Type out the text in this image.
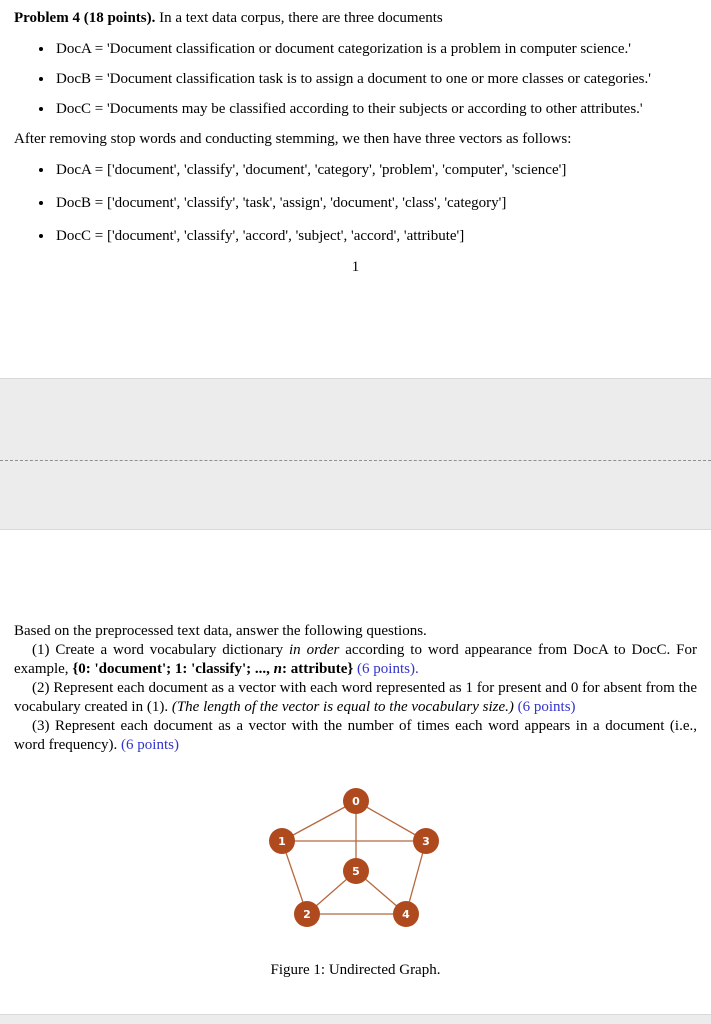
Problem 4 (18 points). In a text data corpus, there are three documents

• DocA = 'Document classification or document categorization is a problem in computer science.'
• DocB = 'Document classification task is to assign a document to one or more classes or categories.'
• DocC = 'Documents may be classified according to their subjects or according to other attributes.'

After removing stop words and conducting stemming, we then have three vectors as follows:

• DocA = ['document', 'classify', 'document', 'category', 'problem', 'computer', 'science']
• DocB = ['document', 'classify', 'task', 'assign', 'document', 'class', 'category']
• DocC = ['document', 'classify', 'accord', 'subject', 'accord', 'attribute']
1

Based on the preprocessed text data, answer the following questions.

(1) Create a word vocabulary dictionary in order according to word appearance from DocA to DocC. For example, {0: 'document'; 1: 'classify'; ..., n: attribute} (6 points).

(2) Represent each document as a vector with each word represented as 1 for present and 0 for absent from the vocabulary created in (1). (The length of the vector is equal to the vocabulary size.) (6 points)

(3) Represent each document as a vector with the number of times each word appears in a document (i.e., word frequency). (6 points)

0
1	3
5
2	4
Figure 1: Undirected Graph.
